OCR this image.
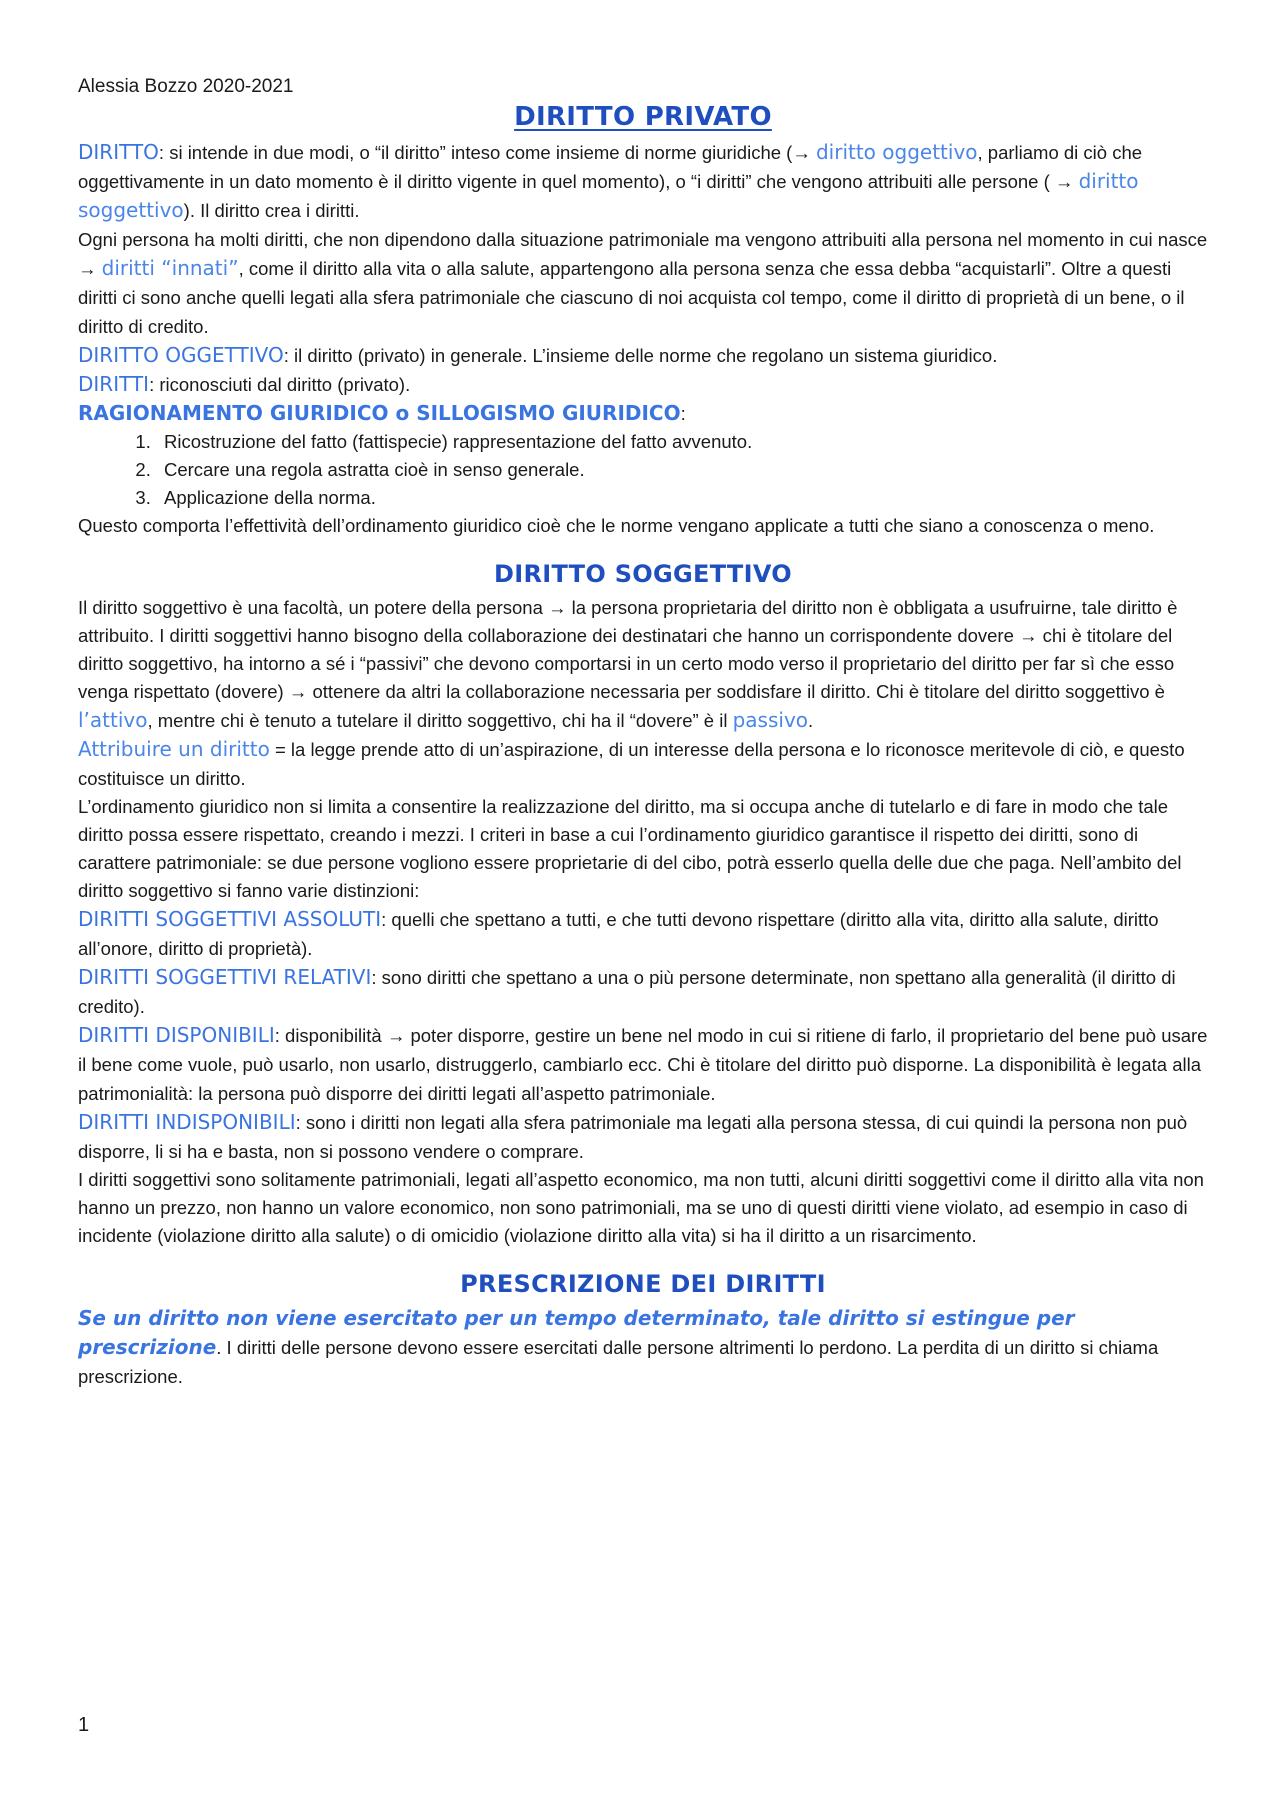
Alessia Bozzo 2020-2021
DIRITTO PRIVATO

DIRITTO: si intende in due modi, o “il diritto” inteso come insieme di norme giuridiche (→ diritto oggettivo, parliamo di ciò che oggettivamente in un dato momento è il diritto vigente in quel momento), o “i diritti” che vengono attribuiti alle persone ( → diritto soggettivo). Il diritto crea i diritti.

Ogni persona ha molti diritti, che non dipendono dalla situazione patrimoniale ma vengono attribuiti alla persona nel momento in cui nasce → diritti “innati”, come il diritto alla vita o alla salute, appartengono alla persona senza che essa debba “acquistarli”. Oltre a questi diritti ci sono anche quelli legati alla sfera patrimoniale che ciascuno di noi acquista col tempo, come il diritto di proprietà di un bene, o il diritto di credito.

DIRITTO OGGETTIVO: il diritto (privato) in generale. L’insieme delle norme che regolano un sistema giuridico.

DIRITTI: riconosciuti dal diritto (privato).

RAGIONAMENTO GIURIDICO o SILLOGISMO GIURIDICO:

1. Ricostruzione del fatto (fattispecie) rappresentazione del fatto avvenuto.
2. Cercare una regola astratta cioè in senso generale.
3. Applicazione della norma.

Questo comporta l’effettività dell’ordinamento giuridico cioè che le norme vengano applicate a tutti che siano a conoscenza o meno.

DIRITTO SOGGETTIVO

Il diritto soggettivo è una facoltà, un potere della persona → la persona proprietaria del diritto non è obbligata a usufruirne, tale diritto è attribuito. I diritti soggettivi hanno bisogno della collaborazione dei destinatari che hanno un corrispondente dovere → chi è titolare del diritto soggettivo, ha intorno a sé i “passivi” che devono comportarsi in un certo modo verso il proprietario del diritto per far sì che esso venga rispettato (dovere) → ottenere da altri la collaborazione necessaria per soddisfare il diritto. Chi è titolare del diritto soggettivo è l’attivo, mentre chi è tenuto a tutelare il diritto soggettivo, chi ha il “dovere” è il passivo.

Attribuire un diritto = la legge prende atto di un’aspirazione, di un interesse della persona e lo riconosce meritevole di ciò, e questo costituisce un diritto.

L’ordinamento giuridico non si limita a consentire la realizzazione del diritto, ma si occupa anche di tutelarlo e di fare in modo che tale diritto possa essere rispettato, creando i mezzi. I criteri in base a cui l’ordinamento giuridico garantisce il rispetto dei diritti, sono di carattere patrimoniale: se due persone vogliono essere proprietarie di del cibo, potrà esserlo quella delle due che paga. Nell’ambito del diritto soggettivo si fanno varie distinzioni:

DIRITTI SOGGETTIVI ASSOLUTI: quelli che spettano a tutti, e che tutti devono rispettare (diritto alla vita, diritto alla salute, diritto all’onore, diritto di proprietà).

DIRITTI SOGGETTIVI RELATIVI: sono diritti che spettano a una o più persone determinate, non spettano alla generalità (il diritto di credito).

DIRITTI DISPONIBILI: disponibilità → poter disporre, gestire un bene nel modo in cui si ritiene di farlo, il proprietario del bene può usare il bene come vuole, può usarlo, non usarlo, distruggerlo, cambiarlo ecc. Chi è titolare del diritto può disporne. La disponibilità è legata alla patrimonialità: la persona può disporre dei diritti legati all’aspetto patrimoniale.

DIRITTI INDISPONIBILI: sono i diritti non legati alla sfera patrimoniale ma legati alla persona stessa, di cui quindi la persona non può disporre, li si ha e basta, non si possono vendere o comprare.

I diritti soggettivi sono solitamente patrimoniali, legati all’aspetto economico, ma non tutti, alcuni diritti soggettivi come il diritto alla vita non hanno un prezzo, non hanno un valore economico, non sono patrimoniali, ma se uno di questi diritti viene violato, ad esempio in caso di incidente (violazione diritto alla salute) o di omicidio (violazione diritto alla vita) si ha il diritto a un risarcimento.

PRESCRIZIONE DEI DIRITTI

Se un diritto non viene esercitato per un tempo determinato, tale diritto si estingue per prescrizione. I diritti delle persone devono essere esercitati dalle persone altrimenti lo perdono. La perdita di un diritto si chiama prescrizione.

1
